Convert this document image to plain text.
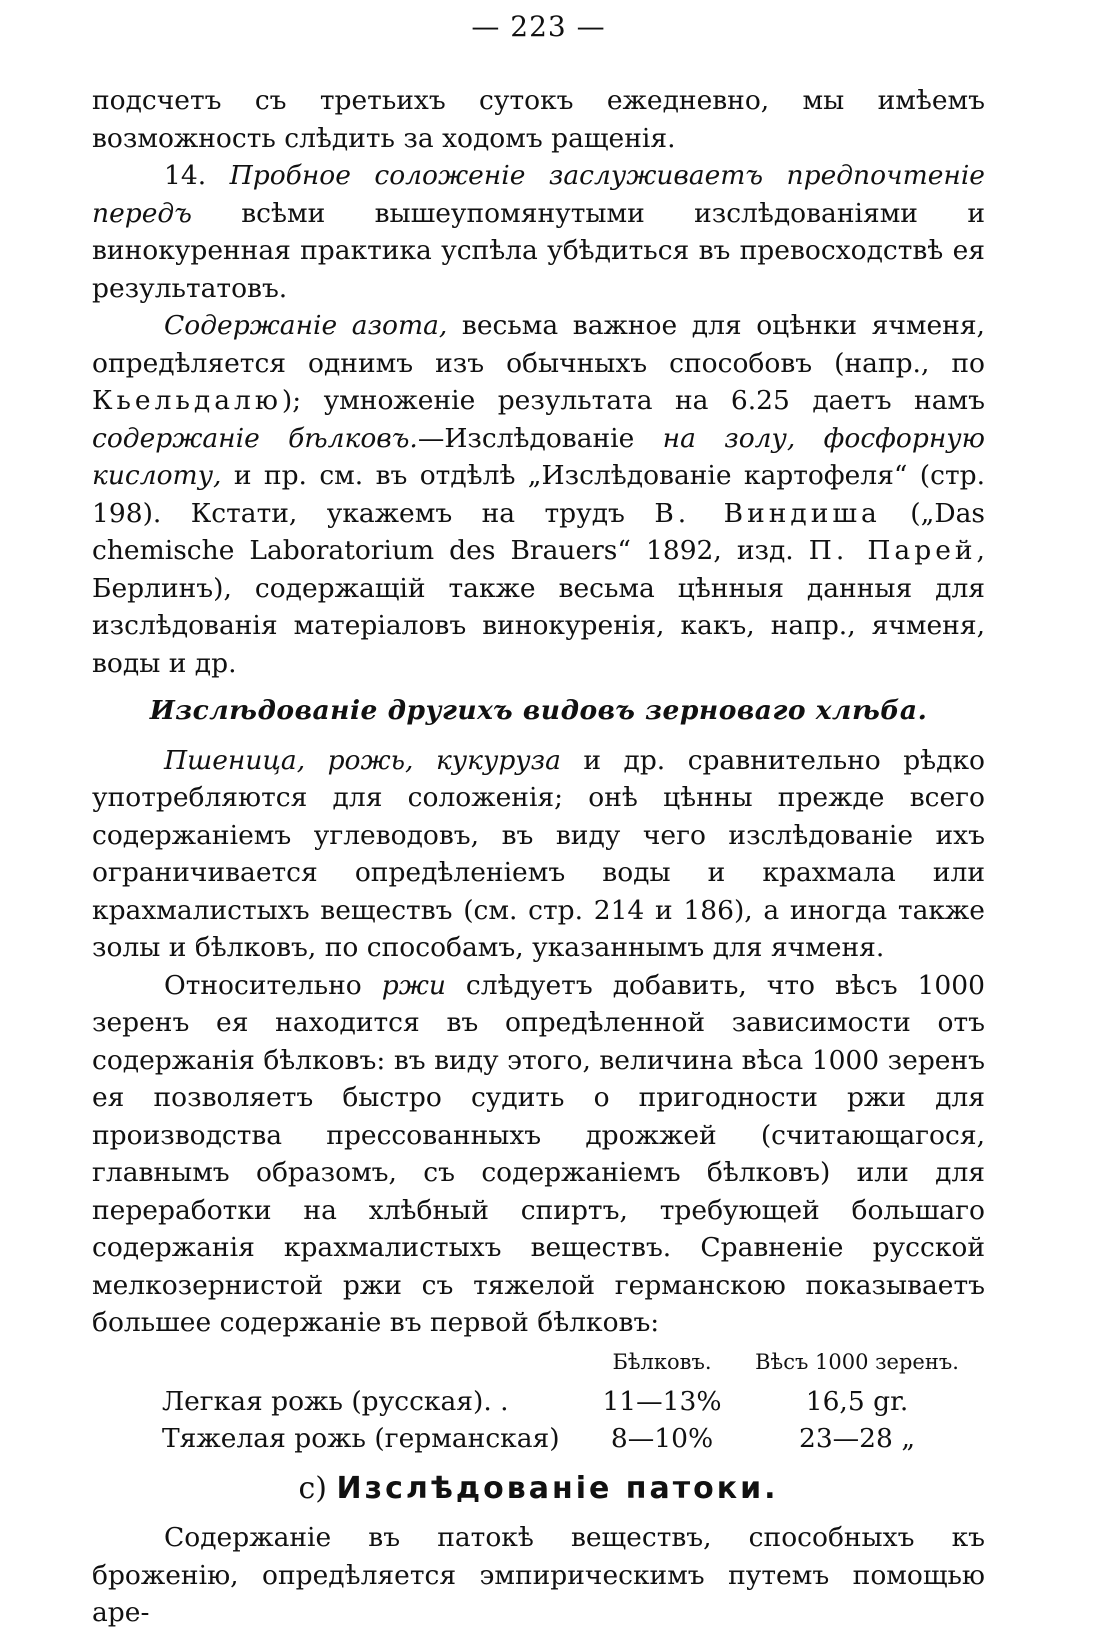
— 223 —

подсчетъ съ третьихъ сутокъ ежедневно, мы имѣемъ возможность слѣдить за ходомъ ращенія.

14. Пробное соложеніе заслуживаетъ предпочтеніе передъ всѣми вышеупомянутыми изслѣдованіями и винокуренная практика успѣла убѣдиться въ превосходствѣ ея результатовъ.

Содержаніе азота, весьма важное для оцѣнки ячменя, опредѣляется однимъ изъ обычныхъ способовъ (напр., по Кьельдалю); умноженіе результата на 6.25 даетъ намъ содержаніе бѣлковъ.—Изслѣдованіе на золу, фосфорную кислоту, и пр. см. въ отдѣлѣ „Изслѣдованіе картофеля“ (стр. 198). Кстати, укажемъ на трудъ В. Виндиша („Das chemische Laboratorium des Brauers“ 1892, изд. П. Парей, Берлинъ), содержащій также весьма цѣнныя данныя для изслѣдованія матеріаловъ винокуренія, какъ, напр., ячменя, воды и др.

Изслѣдованіе другихъ видовъ зерноваго хлѣба.

Пшеница, рожь, кукуруза и др. сравнительно рѣдко употребляются для соложенія; онѣ цѣнны прежде всего содержаніемъ углеводовъ, въ виду чего изслѣдованіе ихъ ограничивается опредѣленіемъ воды и крахмала или крахмалистыхъ веществъ (см. стр. 214 и 186), а иногда также золы и бѣлковъ, по способамъ, указаннымъ для ячменя.

Относительно ржи слѣдуетъ добавить, что вѣсъ 1000 зеренъ ея находится въ опредѣленной зависимости отъ содержанія бѣлковъ: въ виду этого, величина вѣса 1000 зеренъ ея позволяетъ быстро судить о пригодности ржи для производства прессованныхъ дрожжей (считающагося, главнымъ образомъ, съ содержаніемъ бѣлковъ) или для переработки на хлѣбный спиртъ, требующей большаго содержанія крахмалистыхъ веществъ. Сравненіе русской мелкозернистой ржи съ тяжелой германскою показываетъ большее содержаніе въ первой бѣлковъ:

	Бѣлковъ.	Вѣсъ 1000 зеренъ.
Легкая рожь (русская). .	11—13%	16,5 gr.
Тяжелая рожь (германская)	8—10%	23—28 „

c) Изслѣдованіе патоки.

Содержаніе въ патокѣ веществъ, способныхъ къ броженію, опредѣляется эмпирическимъ путемъ помощью аре-
